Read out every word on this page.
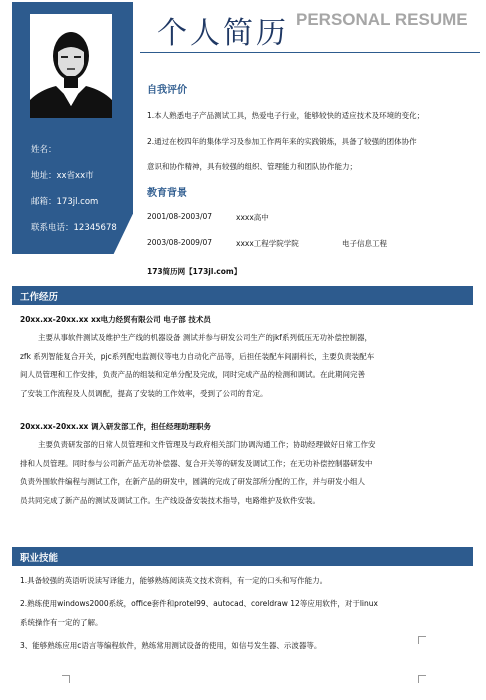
姓名：
地址：xx省xx市
邮箱：173jl.com
联系电话：12345678
个人简历 PERSONAL RESUME
自我评价
1.本人熟悉电子产品测试工具，热爱电子行业，能够较快的适应技术及环境的变化；
2.通过在校四年的集体学习及参加工作两年来的实践锻炼，具备了较强的团体协作
意识和协作精神，具有较强的组织、管理能力和团队协作能力；
教育背景
2001/08-2003/07	xxxx高中
2003/08-2009/07	xxxx工程学院学院	电子信息工程
173简历网【173jl.com】
工作经历
20xx.xx-20xx.xx xx电力经贸有限公司 电子部 技术员
主要从事软件测试及维护生产线的机器设备 测试并参与研发公司生产的jkf系列低压无功补偿控制器，
zfk 系列智能复合开关，pjc系列配电监测仪等电力自动化产品等，后担任装配车间副科长，主要负责装配车
间人员管理和工作安排，负责产品的组装和定单分配及完成，同时完成产品的检测和调试。在此期间完善
了安装工作流程及人员调配，提高了安装的工作效率，受到了公司的肯定。
20xx.xx-20xx.xx 调入研发部工作，担任经理助理职务
主要负责研发部的日常人员管理和文件管理及与政府相关部门协调沟通工作；协助经理做好日常工作安
排和人员管理。同时参与公司新产品无功补偿器、复合开关等的研发及调试工作；在无功补偿控制器研发中
负责外围软件编程与测试工作，在新产品的研发中，圆满的完成了研发部所分配的工作，并与研发小组人
员共同完成了新产品的测试及调试工作。生产线设备安装技术指导，电路维护及软件安装。
职业技能
1.具备较强的英语听说读写译能力，能够熟练阅读英文技术资料，有一定的口头和写作能力。
2.熟练使用windows2000系统，office套件和protel99、autocad、coreldraw 12等应用软件，对于linux
系统操作有一定的了解。
3、能够熟练应用c语言等编程软件，熟练常用测试设备的使用，如信号发生器、示波器等。
